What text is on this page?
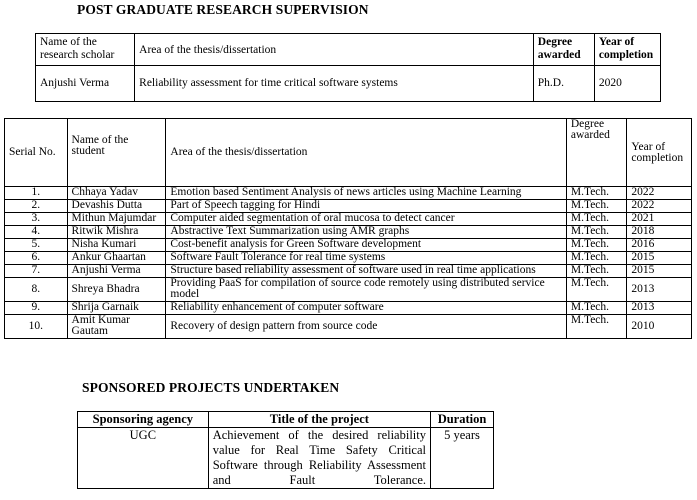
POST GRADUATE RESEARCH SUPERVISION
Name of the research scholar	Area of the thesis/dissertation	Degree awarded	Year of completion
Anjushi Verma	Reliability assessment for time critical software systems	Ph.D.	2020
Serial No.	Name of the student	Area of the thesis/dissertation	Degree awarded	Year of completion
1.	Chhaya Yadav	Emotion based Sentiment Analysis of news articles using Machine Learning	M.Tech.	2022
2.	Devashis Dutta	Part of Speech tagging for Hindi	M.Tech.	2022
3.	Mithun Majumdar	Computer aided segmentation of oral mucosa to detect cancer	M.Tech.	2021
4.	Ritwik Mishra	Abstractive Text Summarization using AMR graphs	M.Tech.	2018
5.	Nisha Kumari	Cost-benefit analysis for Green Software development	M.Tech.	2016
6.	Ankur Ghaartan	Software Fault Tolerance for real time systems	M.Tech.	2015
7.	Anjushi Verma	Structure based reliability assessment of software used in real time applications	M.Tech.	2015
8.	Shreya Bhadra	Providing PaaS for compilation of source code remotely using distributed service model	M.Tech.	2013
9.	Shrija Garnaik	Reliability enhancement of computer software	M.Tech.	2013
10.	Amit Kumar Gautam	Recovery of design pattern from source code	M.Tech.	2010
SPONSORED PROJECTS UNDERTAKEN
Sponsoring agency	Title of the project	Duration
UGC	Achievement of the desired reliability value for Real Time Safety Critical Software through Reliability Assessment and Fault Tolerance.	5 years
